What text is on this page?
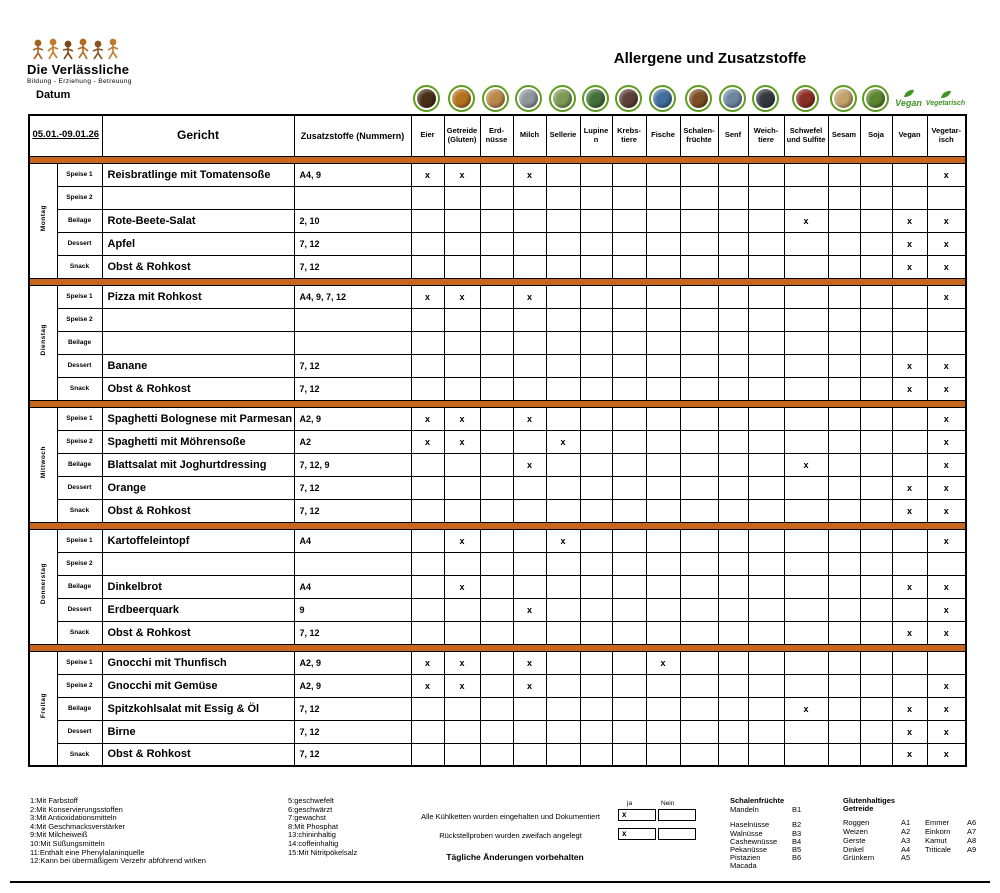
Die Verlässliche
Bildung - Erziehung - Betreuung
Datum
Allergene und Zusatzstoffe
Vegan Vegetarisch
05.01.-09.01.26		Gericht	Zusatzstoffe (Nummern)	Eier	Getreide (Gluten)	Erd-nüsse	Milch	Sellerie	Lupinen	Krebs-tiere	Fische	Schalen-früchte	Senf	Weich-tiere	Schwefel und Sulfite	Sesam	Soja	Vegan	Vegetar-isch

Montag	Speise 1	Reisbratlinge mit Tomatensoße	A4, 9	x	x		x												x
	Speise 2																		
	Beilage	Rote-Beete-Salat	2, 10												x			x	x
	Dessert	Apfel	7, 12															x	x
	Snack	Obst & Rohkost	7, 12															x	x

Dienstag	Speise 1	Pizza mit Rohkost	A4, 9, 7, 12	x	x		x												x
	Speise 2																		
	Beilage																		
	Dessert	Banane	7, 12															x	x
	Snack	Obst & Rohkost	7, 12															x	x

Mittwoch	Speise 1	Spaghetti Bolognese mit Parmesan	A2, 9	x	x		x												x
	Speise 2	Spaghetti mit Möhrensoße	A2	x	x			x											x
	Beilage	Blattsalat mit Joghurtdressing	7, 12, 9				x								x				x
	Dessert	Orange	7, 12															x	x
	Snack	Obst & Rohkost	7, 12															x	x

Donnerstag	Speise 1	Kartoffeleintopf	A4		x			x											x
	Speise 2																		
	Beilage	Dinkelbrot	A4		x													x	x
	Dessert	Erdbeerquark	9				x												x
	Snack	Obst & Rohkost	7, 12															x	x

Freitag	Speise 1	Gnocchi mit Thunfisch	A2, 9	x	x		x				x								
	Speise 2	Gnocchi mit Gemüse	A2, 9	x	x		x												x
	Beilage	Spitzkohlsalat mit Essig & Öl	7, 12												x			x	x
	Dessert	Birne	7, 12															x	x
	Snack	Obst & Rohkost	7, 12															x	x
1:Mit Farbstoff
2:Mit Konservierungsstoffen
3:Mit Antioxidationsmitteln
4:Mit Geschmacksverstärker
9:Mit Milcheiweiß
10:Mit Süßungsmitteln
11:Enthält eine Phenylalaninquelle
12:Kann bei übermäßigem Verzehr abführend wirken
5:geschwefelt
6:geschwärzt
7:gewachst
8:Mit Phosphat
13:chininhaltig
14:coffeinhaltig
15:Mit Nitritpökelsalz
Alle Kühlketten wurden eingehalten und Dokumentiert
Rückstellproben wurden zweifach angelegt
Tägliche Änderungen vorbehalten
ja	Nein
x
x
Schalenfrüchte
Mandeln	B1
Haselnüsse	B2
Walnüsse	B3
Cashewnüsse	B4
Pekanüsse	B5
Pistazien	B6
Macada
Glutenhaltiges
Getreide
Roggen	A1	Emmer	A6
Weizen	A2	Einkorn	A7
Gerste	A3	Kamut	A8
Dinkel	A4	Triticale	A9
Grünkern	A5
